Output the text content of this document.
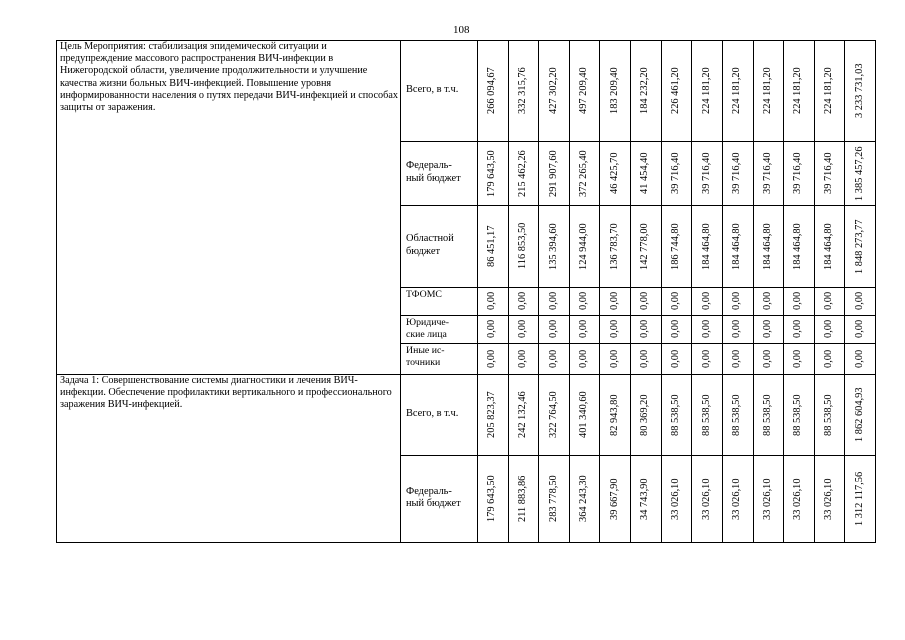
108
Цель Мероприятия: стабилизация эпидемической ситуации и предупреждение массового распространения ВИЧ-инфекции в Нижегородской области, увеличение продолжительности и улучшение качества жизни больных ВИЧ-инфекцией. Повышение уровня информированности населения о путях передачи ВИЧ-инфекцией и способах защиты от заражения.
Всего, в т.ч.	266 094,67 332 315,76 427 302,20 497 209,40 183 209,40 184 232,20 226 461,20 224 181,20 224 181,20 224 181,20 224 181,20 224 181,20 3 233 731,03
Федераль-
ный бюджет 179 643,50 215 462,26 291 907,60 372 265,40 46 425,70 41 454,40 39 716,40 39 716,40 39 716,40 39 716,40 39 716,40 39 716,40 1 385 457,26
Областной
бюджет	86 451,17 116 853,50 135 394,60 124 944,00 136 783,70 142 778,00 186 744,80 184 464,80 184 464,80 184 464,80 184 464,80 184 464,80 1 848 273,77
ТФОМС	0,00 0,00 0,00 0,00 0,00 0,00 0,00 0,00 0,00 0,00 0,00 0,00 0,00
Юридиче-
ские лица	0,00 0,00 0,00 0,00 0,00 0,00 0,00 0,00 0,00 0,00 0,00 0,00 0,00
Иные ис-
точники	0,00 0,00 0,00 0,00 0,00 0,00 0,00 0,00 0,00 0,00 0,00 0,00 0,00
Задача 1: Совершенствование системы диагностики и лечения ВИЧ-инфекции. Обеспечение профилактики вертикального и профессионального заражения ВИЧ-инфекцией.
Всего, в т.ч.	205 823,37 242 132,46 322 764,50 401 340,60 82 943,80 80 369,20 88 538,50 88 538,50 88 538,50 88 538,50 88 538,50 88 538,50 1 862 604,93
Федераль-
ный бюджет 179 643,50 211 883,86 283 778,50 364 243,30 39 667,90 34 743,90 33 026,10 33 026,10 33 026,10 33 026,10 33 026,10 33 026,10 1 312 117,56
